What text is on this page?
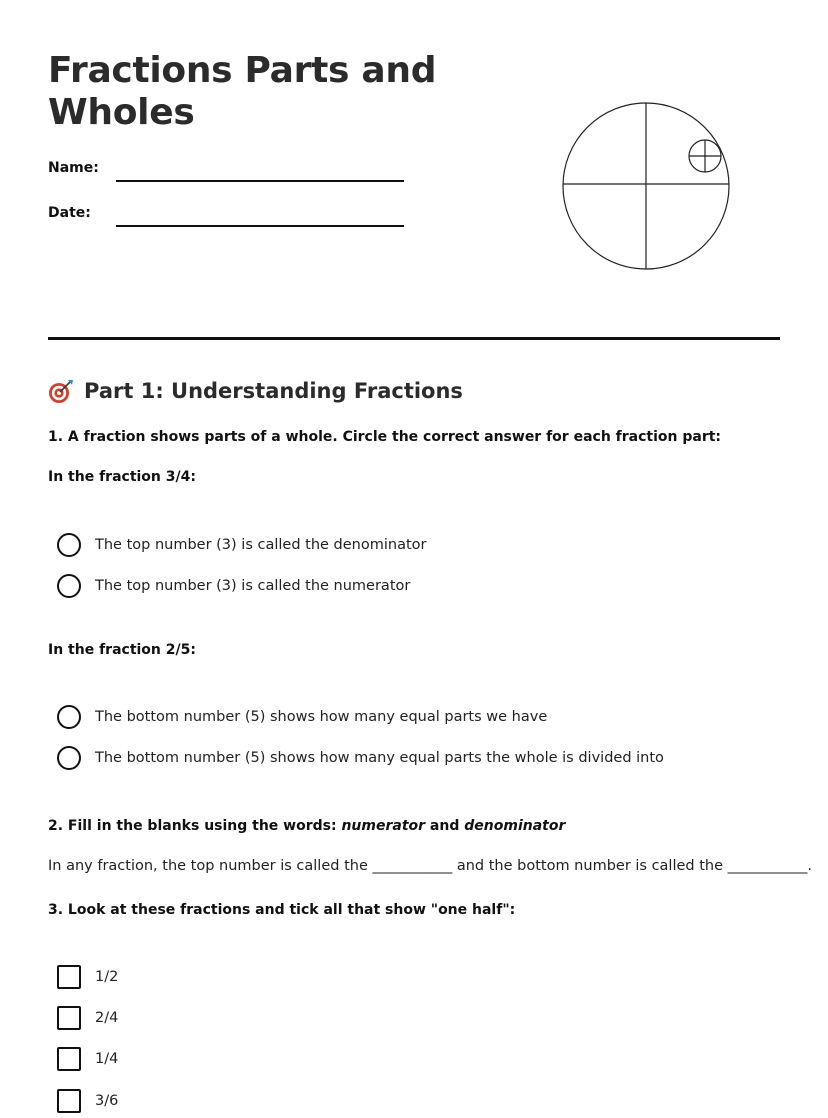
Fractions Parts and Wholes
Name:
Date:
Part 1: Understanding Fractions
1. A fraction shows parts of a whole. Circle the correct answer for each fraction part:
In the fraction 3/4:
The top number (3) is called the denominator
The top number (3) is called the numerator
In the fraction 2/5:
The bottom number (5) shows how many equal parts we have
The bottom number (5) shows how many equal parts the whole is divided into
2. Fill in the blanks using the words: numerator and denominator
In any fraction, the top number is called the ___________ and the bottom number is called the ___________.
3. Look at these fractions and tick all that show "one half":
1/2
2/4
1/4
3/6
